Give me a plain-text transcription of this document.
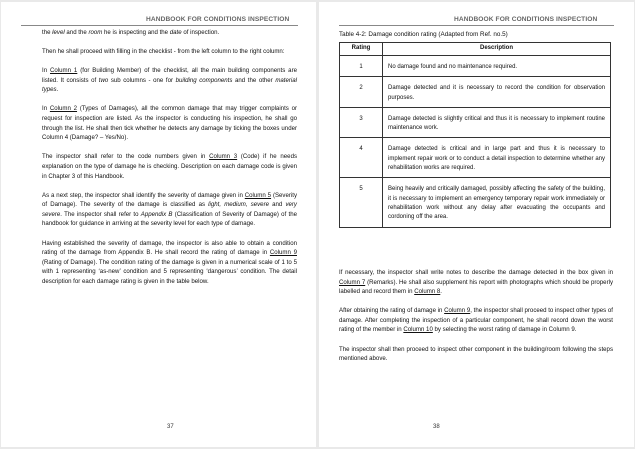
HANDBOOK FOR CONDITIONS INSPECTION

the level and the room he is inspecting and the date of inspection.

Then he shall proceed with filling in the checklist - from the left column to the right column:

In Column 1 (for Building Member) of the checklist, all the main building components are listed. It consists of two sub columns - one for building components and the other material types.

In Column 2 (Types of Damages), all the common damage that may trigger complaints or request for inspection are listed. As the inspector is conducting his inspection, he shall go through the list. He shall then tick whether he detects any damage by ticking the boxes under Column 4 (Damage? – Yes/No).

The inspector shall refer to the code numbers given in Column 3 (Code) if he needs explanation on the type of damage he is checking. Description on each damage code is given in Chapter 3 of this Handbook.

As a next step, the inspector shall identify the severity of damage given in Column 5 (Severity of Damage). The severity of the damage is classified as light, medium, severe and very severe. The inspector shall refer to Appendix B (Classification of Severity of Damage) of the handbook for guidance in arriving at the severity level for each type of damage.

Having established the severity of damage, the inspector is also able to obtain a condition rating of the damage from Appendix B. He shall record the rating of damage in Column 9 (Rating of Damage). The condition rating of the damage is given in a numerical scale of 1 to 5 with 1 representing ‘as-new’ condition and 5 representing ‘dangerous’ condition. The detail description for each damage rating is given in the table below.

37
HANDBOOK FOR CONDITIONS INSPECTION
Table 4-2: Damage condition rating (Adapted from Ref. no.5)
Rating	Description
1	No damage found and no maintenance required.
2	Damage detected and it is necessary to record the condition for observation purposes.
3	Damage detected is slightly critical and thus it is necessary to implement routine maintenance work.
4	Damage detected is critical and in large part and thus it is necessary to implement repair work or to conduct a detail inspection to determine whether any rehabilitation works are required.
5	Being heavily and critically damaged, possibly affecting the safety of the building, it is necessary to implement an emergency temporary repair work immediately or rehabilitation work without any delay after evacuating the occupants and cordoning off the area.

If necessary, the inspector shall write notes to describe the damage detected in the box given in Column 7 (Remarks). He shall also supplement his report with photographs which should be properly labelled and record them in Column 8.

After obtaining the rating of damage in Column 9, the inspector shall proceed to inspect other types of damage. After completing the inspection of a particular component, he shall record down the worst rating of the member in Column 10 by selecting the worst rating of damage in Column 9.

The inspector shall then proceed to inspect other component in the building/room following the steps mentioned above.

38
